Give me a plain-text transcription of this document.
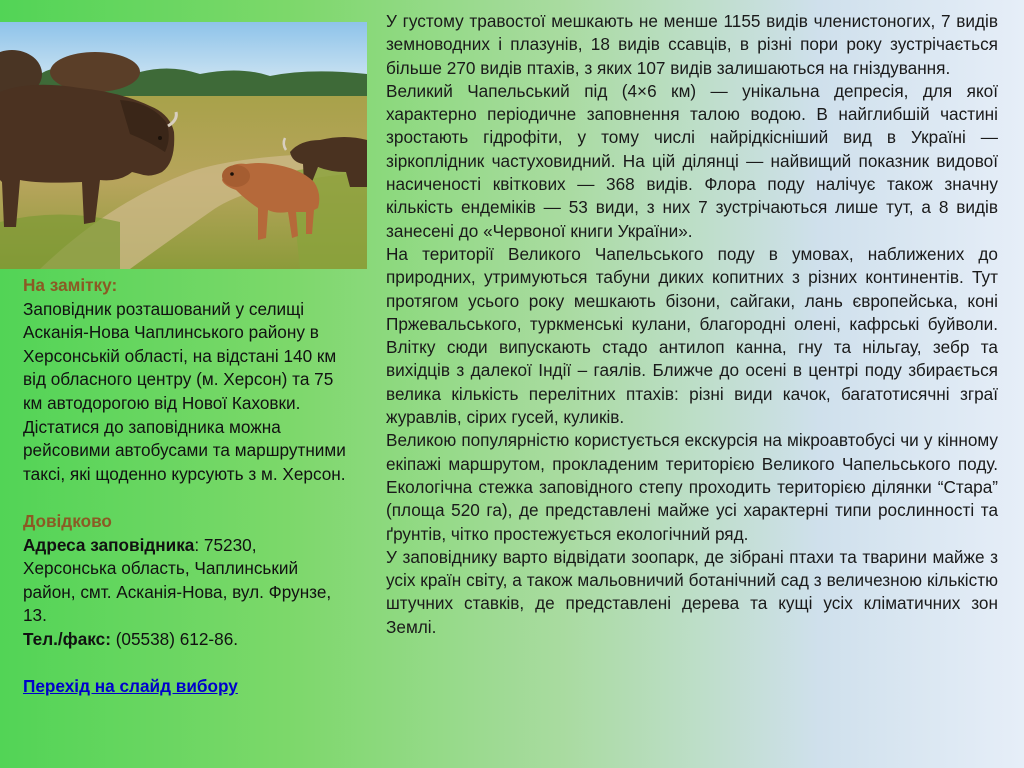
На замітку:
Заповідник розташований у селищі Асканія-Нова Чаплинського району в Херсонській області, на відстані 140 км від обласного центру (м. Херсон) та 75 км автодорогою від Нової Каховки. Дістатися до заповідника можна рейсовими автобусами та маршрутними таксі, які щоденно курсують з м. Херсон.
Довідково
Адреса заповідника: 75230, Херсонська область, Чаплинський район, смт. Асканія-Нова, вул. Фрунзе, 13.
Тел./факс: (05538) 612-86.
Перехід на слайд вибору

У густому травостої мешкають не менше 1155 видів членистоногих, 7 видів земноводних і плазунів, 18 видів ссавців, в різні пори року зустрічається більше 270 видів птахів, з яких 107 видів залишаються на гніздування.

Великий Чапельський під (4×6 км) — унікальна депресія, для якої характерно періодичне заповнення талою водою. В найглибшій частині зростають гідрофіти, у тому числі найрідкісніший вид в Україні — зіркоплідник частуховидний. На цій ділянці — найвищий показник видової насиченості квіткових — 368 видів. Флора поду налічує також значну кількість ендеміків — 53 види, з них 7 зустрічаються лише тут, а 8 видів занесені до «Червоної книги України».

На території Великого Чапельського поду в умовах, наближених до природних, утримуються табуни диких копитних з різних континентів. Тут протягом усього року мешкають бізони, сайгаки, лань європейська, коні Пржевальського, туркменські кулани, благородні олені, кафрські буйволи. Влітку сюди випускають стадо антилоп канна, гну та нільгау, зебр та вихідців з далекої Індії – гаялів. Ближче до осені в центрі поду збирається велика кількість перелітних птахів: різні види качок, багатотисячні зграї журавлів, сірих гусей, куликів.

Великою популярністю користується екскурсія на мікроавтобусі чи у кінному екіпажі маршрутом, прокладеним територією Великого Чапельського поду. Екологічна стежка заповідного степу проходить територією ділянки “Стара” (площа 520 га), де представлені майже усі характерні типи рослинності та ґрунтів, чітко простежується екологічний ряд.

У заповіднику варто відвідати зоопарк, де зібрані птахи та тварини майже з усіх країн світу, а також мальовничий ботанічний сад з величезною кількістю штучних ставків, де представлені дерева та кущі усіх кліматичних зон Землі.
